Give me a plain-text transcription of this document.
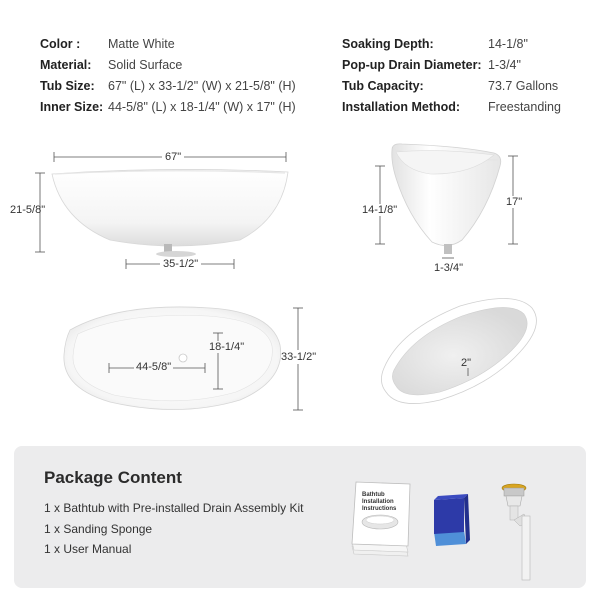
Color :	Matte White
Material:	Solid Surface
Tub Size:	67" (L) x 33-1/2" (W) x 21-5/8" (H)
Inner Size: 44-5/8" (L) x 18-1/4" (W) x 17" (H)
Soaking Depth:	14-1/8"
Pop-up Drain Diameter: 1-3/4"
Tub Capacity:	73.7 Gallons
Installation Method:	Freestanding
67"
21-5/8"
35-1/2"
14-1/8"
17"
1-3/4"
44-5/8"
18-1/4"
33-1/2"	2"
Package Content
1 x Bathtub with Pre-installed Drain Assembly Kit
1 x Sanding Sponge
1 x User Manual
Bathtub Installation Instructions
